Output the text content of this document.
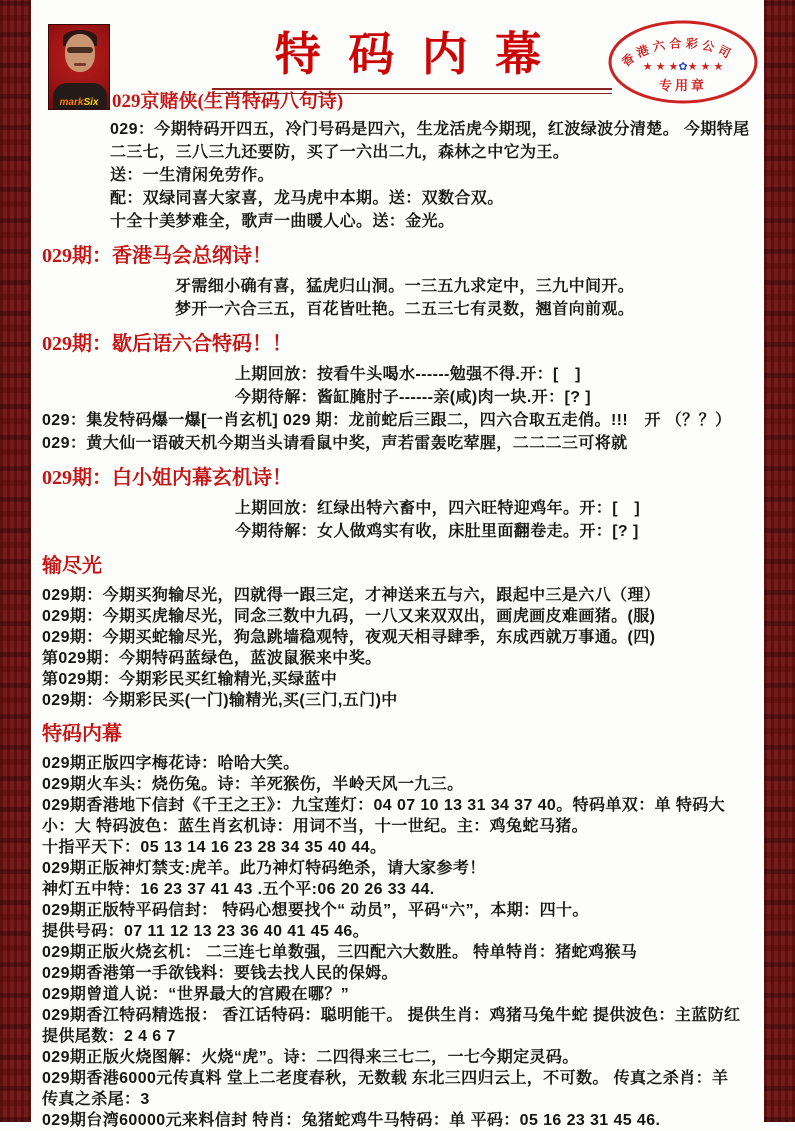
markSix
特 码 内 幕	香港六合彩公司
★ ★ ★✿★ ★ ★
专用章
029京赌侠(生肖特码八句诗)
029：今期特码开四五，冷门号码是四六，生龙活虎今期现，红波绿波分清楚。 今期特尾二三七，三八三九还要防，买了一六出二九，森林之中它为王。
送：一生清闲免劳作。
配：双绿同喜大家喜，龙马虎中本期。送：双数合双。
十全十美梦难全，歌声一曲暖人心。送：金光。
029期：香港马会总纲诗！
牙需细小确有喜，猛虎归山洞。一三五九求定中，三九中间开。
梦开一六合三五，百花皆吐艳。二五三七有灵数，翘首向前观。
029期：歇后语六合特码！！
上期回放：按看牛头喝水------勉强不得.开：[　]
今期待解：酱缸腌肘子------亲(咸)肉一块.开：[? ]
029：集发特码爆一爆[一肖玄机] 029 期：龙前蛇后三跟二，四六合取五走俏。!!!　开 （？？）
029：黄大仙一语破天机今期当头请看鼠中奖，声若雷轰吃荤腥，二二二三可将就
029期：白小姐内幕玄机诗！
上期回放：红绿出特六畜中，四六旺特迎鸡年。开：[　]
今期待解：女人做鸡实有收，床肚里面翻卷走。开：[? ]
输尽光
029期：今期买狗输尽光，四就得一跟三定，才神送来五与六，跟起中三是六八（理）
029期：今期买虎输尽光，同念三数中九码，一八又来双双出，画虎画皮难画猪。(服)
029期：今期买蛇输尽光，狗急跳墙稳观特，夜观天相寻肆季，东成西就万事通。(四)
第029期：今期特码蓝绿色，蓝波鼠猴来中奖。
第029期：今期彩民买红输精光,买绿蓝中
029期：今期彩民买(一门)输精光,买(三门,五门)中
特码内幕
029期正版四字梅花诗：哈哈大笑。
029期火车头：烧伤兔。诗：羊死猴伤，半岭天风一九三。
029期香港地下信封《千王之王》：九宝莲灯：04 07 10 13 31 34 37 40。特码单双：单 特码大小：大 特码波色：蓝生肖玄机诗：用词不当，十一世纪。主：鸡兔蛇马猪。
十指平天下：05 13 14 16 23 28 34 35 40 44。
029期正版神灯禁支:虎羊。此乃神灯特码绝杀，请大家参考！
神灯五中特：16 23 37 41 43 .五个平:06 20 26 33 44.
029期正版特平码信封： 特码心想要找个“ 动员”，平码“六”，本期：四十。
提供号码：07 11 12 13 23 36 40 41 45 46。
029期正版火烧玄机： 二三连七单数强，三四配六大数胜。 特单特肖：猪蛇鸡猴马
029期香港第一手欲钱料：要钱去找人民的保姆。
029期曾道人说：“世界最大的宫殿在哪？”
029期香江特码精选报： 香江话特码：聪明能干。 提供生肖：鸡猪马兔牛蛇 提供波色：主蓝防红
提供尾数：2 4 6 7
029期正版火烧图解：火烧“虎”。诗：二四得来三七二，一七今期定灵码。
029期香港6000元传真料 堂上二老度春秋，无数载 东北三四归云上，不可数。 传真之杀肖：羊
传真之杀尾：3
029期台湾60000元来料信封 特肖：兔猪蛇鸡牛马特码：单 平码：05 16 23 31 45 46.
